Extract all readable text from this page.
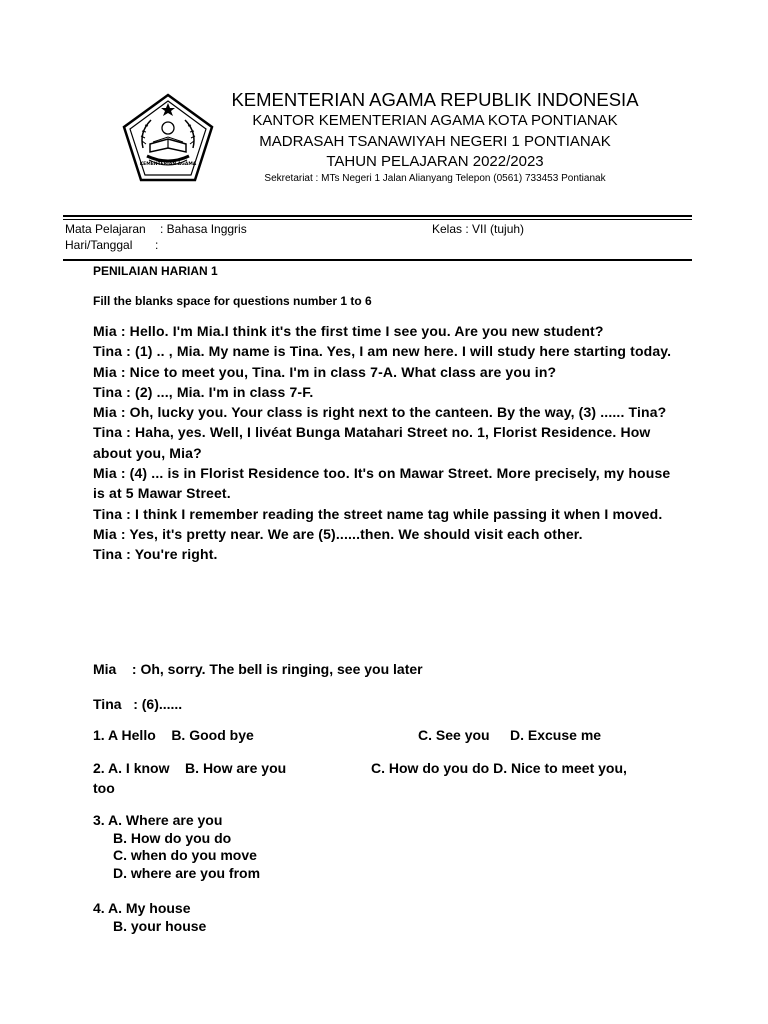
KEMENTERIAN AGAMA

KEMENTERIAN AGAMA REPUBLIK INDONESIA

KANTOR KEMENTERIAN AGAMA KOTA PONTIANAK

MADRASAH TSANAWIYAH NEGERI 1 PONTIANAK

TAHUN PELAJARAN 2022/2023

Sekretariat : MTs Negeri 1 Jalan Alianyang Telepon (0561) 733453 Pontianak

Mata Pelajaran : Bahasa Inggris	Kelas : VII (tujuh)

Hari/Tanggal :

PENILAIAN HARIAN 1

Fill the blanks space for questions number 1 to 6

Mia : Hello. I'm Mia.I think it's the first time I see you. Are you new student?
Tina : (1) .. , Mia. My name is Tina. Yes, I am new here. I will study here starting today.
Mia : Nice to meet you, Tina. I'm in class 7-A. What class are you in?
Tina : (2) ..., Mia. I'm in class 7-F.
Mia : Oh, lucky you. Your class is right next to the canteen. By the way, (3) ...... Tina?
Tina : Haha, yes. Well, I livéat Bunga Matahari Street no. 1, Florist Residence. How about you, Mia?
Mia : (4) ... is in Florist Residence too. It's on Mawar Street. More precisely, my house is at 5 Mawar Street.
Tina : I think I remember reading the street name tag while passing it when I moved.
Mia : Yes, it's pretty near. We are (5)......then. We should visit each other.
Tina : You're right.

Mia    : Oh, sorry. The bell is ringing, see you later

Tina   : (6)......

1. A Hello    B. Good bye	C. See you D. Excuse me
2. A. I know    B. How are you	C. How do you do D. Nice to meet you,
too
3. A. Where are you
B. How do you do
C. when do you move
D. where are you from
4. A. My house
B. your house
